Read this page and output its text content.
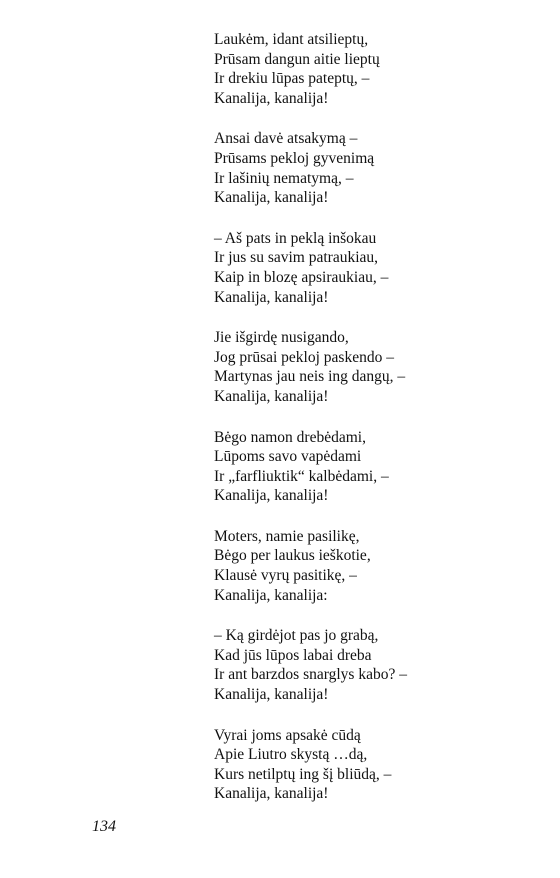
Laukėm, idant atsilieptų,
Prūsam dangun aitie lieptų
Ir drekiu lūpas pateptų, –
Kanalija, kanalija!
Ansai davė atsakymą –
Prūsams pekloj gyvenimą
Ir lašinių nematymą, –
Kanalija, kanalija!
– Aš pats in peklą inšokau
Ir jus su savim patraukiau,
Kaip in blozę apsiraukiau, –
Kanalija, kanalija!
Jie išgirdę nusigando,
Jog prūsai pekloj paskendo –
Martynas jau neis ing dangų, –
Kanalija, kanalija!
Bėgo namon drebėdami,
Lūpoms savo vapėdami
Ir „farfliuktik“ kalbėdami, –
Kanalija, kanalija!
Moters, namie pasilikę,
Bėgo per laukus ieškotie,
Klausė vyrų pasitikę, –
Kanalija, kanalija:
– Ką girdėjot pas jo grabą,
Kad jūs lūpos labai dreba
Ir ant barzdos snarglys kabo? –
Kanalija, kanalija!
Vyrai joms apsakė cūdą
Apie Liutro skystą …dą,
Kurs netilptų ing šį bliūdą, –
Kanalija, kanalija!
134
